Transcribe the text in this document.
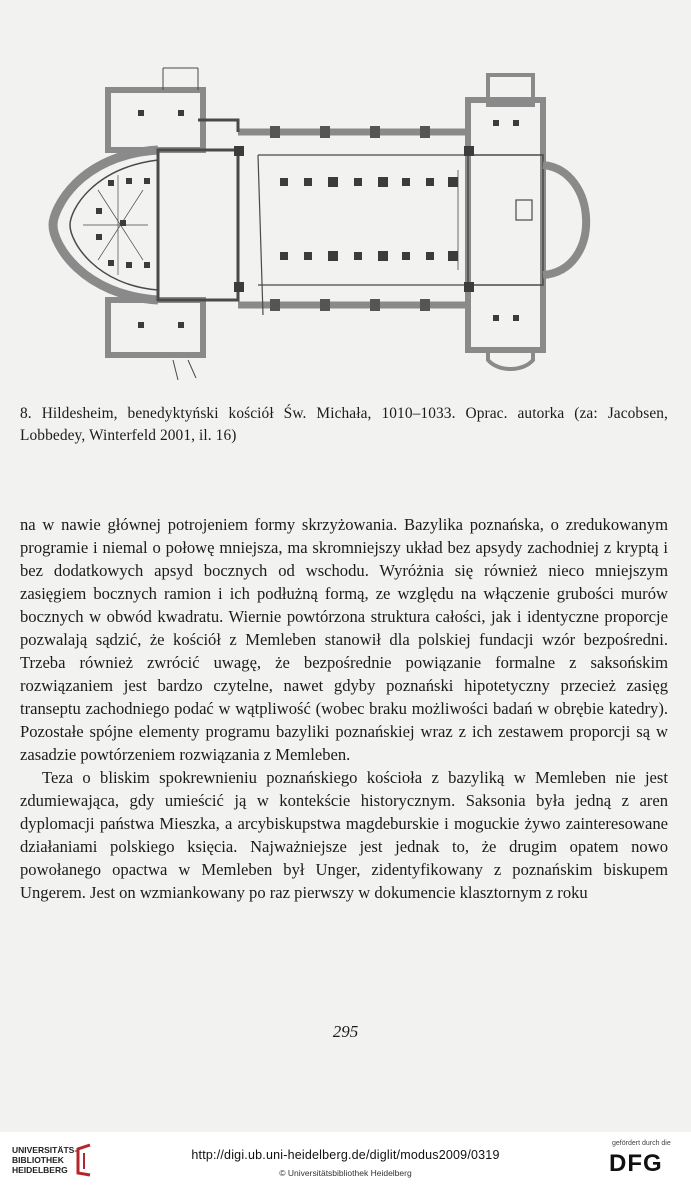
8. Hildesheim, benedyktyński kościół Św. Michała, 1010–1033. Oprac. autorka (za: Jacobsen, Lobbedey, Winterfeld 2001, il. 16)

na w nawie głównej potrojeniem formy skrzyżowania. Bazylika poznańska, o zredukowanym programie i niemal o połowę mniejsza, ma skromniejszy układ bez apsydy zachodniej z kryptą i bez dodatkowych apsyd bocznych od wschodu. Wyróżnia się również nieco mniejszym zasięgiem bocznych ramion i ich podłużną formą, ze względu na włączenie grubości murów bocznych w obwód kwadratu. Wiernie powtórzona struktura całości, jak i identyczne proporcje pozwalają sądzić, że kościół z Memleben stanowił dla polskiej fundacji wzór bezpośredni. Trzeba również zwrócić uwagę, że bezpośrednie powiązanie formalne z saksońskim rozwiązaniem jest bardzo czytelne, nawet gdyby poznański hipotetyczny przecież zasięg transeptu zachodniego podać w wątpliwość (wobec braku możliwości badań w obrębie katedry). Pozostałe spójne elementy programu bazyliki poznańskiej wraz z ich zestawem proporcji są w zasadzie powtórzeniem rozwiązania z Memleben.

Teza o bliskim spokrewnieniu poznańskiego kościoła z bazyliką w Memleben nie jest zdumiewająca, gdy umieścić ją w kontekście historycznym. Saksonia była jedną z aren dyplomacji państwa Mieszka, a arcybiskupstwa magdeburskie i moguckie żywo zainteresowane działaniami polskiego księcia. Najważniejsze jest jednak to, że drugim opatem nowo powołanego opactwa w Memleben był Unger, zidentyfikowany z poznańskim biskupem Ungerem. Jest on wzmiankowany po raz pierwszy w dokumencie klasztornym z roku

295
UNIVERSITÄTS-
BIBLIOTHEK
HEIDELBERG
http://digi.ub.uni-heidelberg.de/diglit/modus2009/0319
© Universitätsbibliothek Heidelberg
gefördert durch die
DFG
